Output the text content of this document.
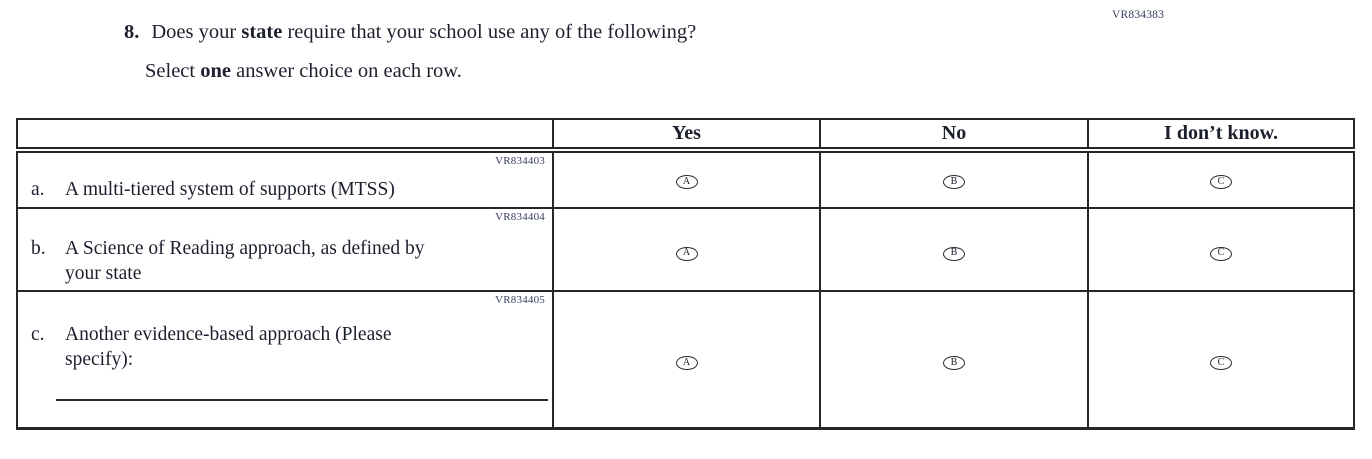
VR834383
8. Does your state require that your school use any of the following?
Select one answer choice on each row.
	Yes	No	I don’t know.

VR834403
a. A multi-tiered system of supports (MTSS)	A	B	C

VR834404
b. A Science of Reading approach, as defined by
your state	A	B	C

VR834405
c. Another evidence-based approach (Please
specify):	A	B	C
